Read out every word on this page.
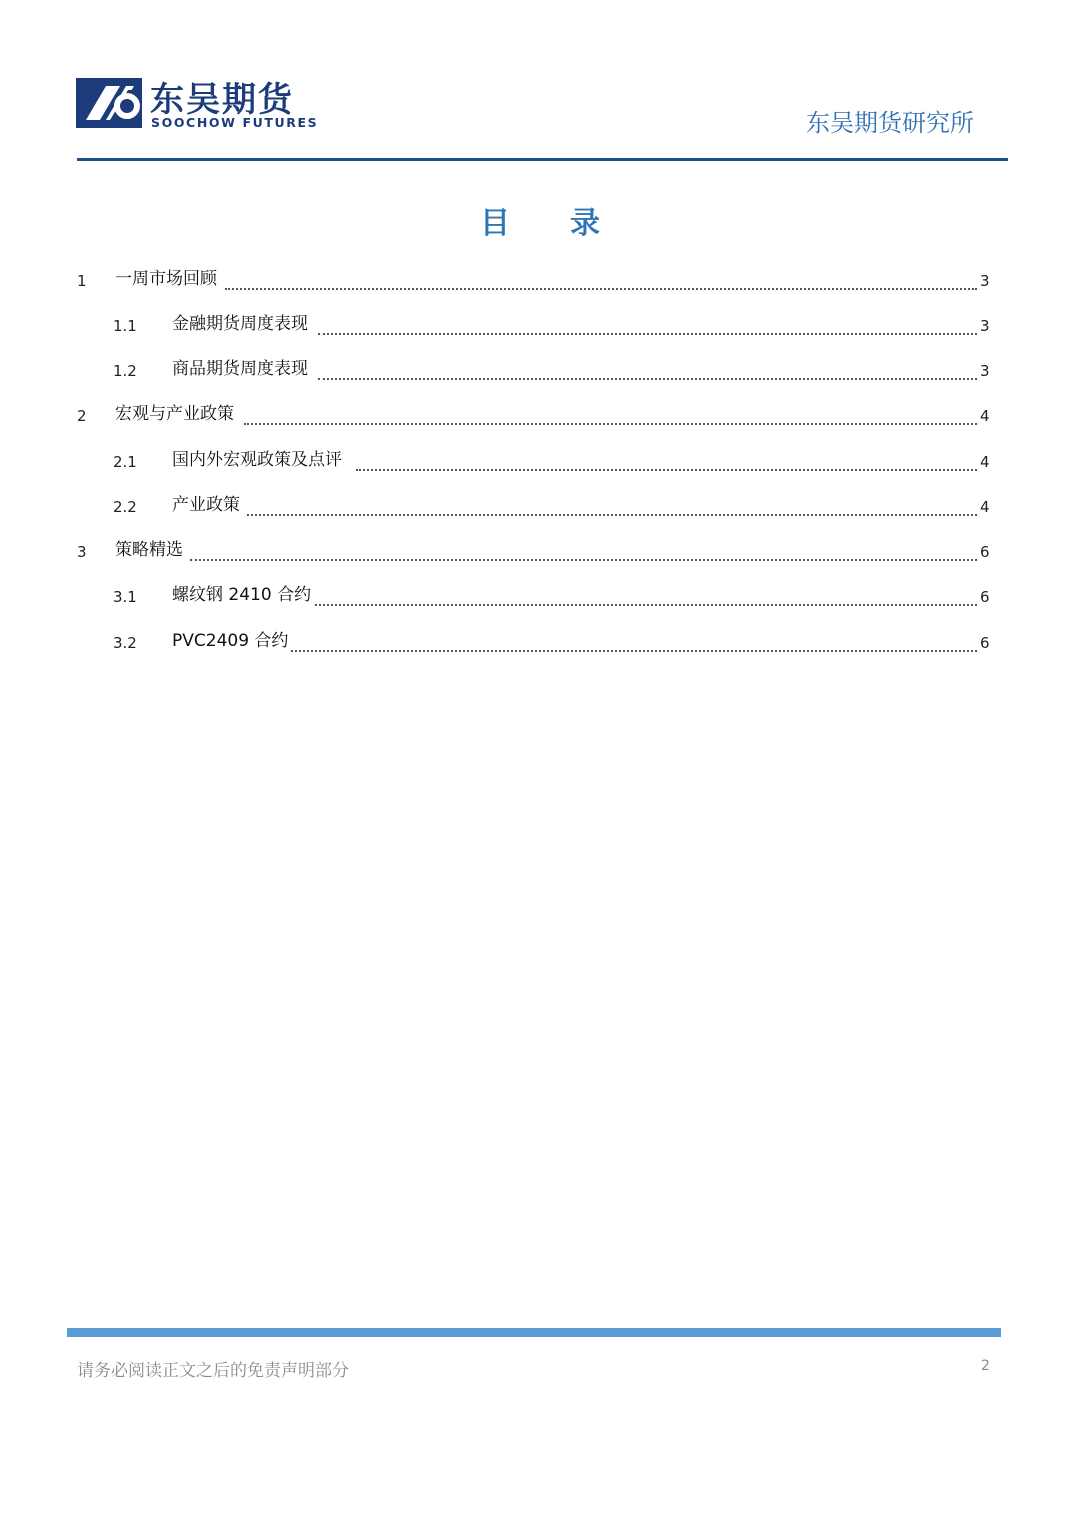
东吴期货
SOOCHOW FUTURES	东吴期货研究所
目 录
1 一周市场回顾	3
1.1 金融期货周度表现	3
1.2 商品期货周度表现	3
2 宏观与产业政策	4
2.1 国内外宏观政策及点评	4
2.2 产业政策	4
3 策略精选	6
3.1 螺纹钢 2410 合约	6
3.2 PVC2409 合约	6
请务必阅读正文之后的免责声明部分	2
